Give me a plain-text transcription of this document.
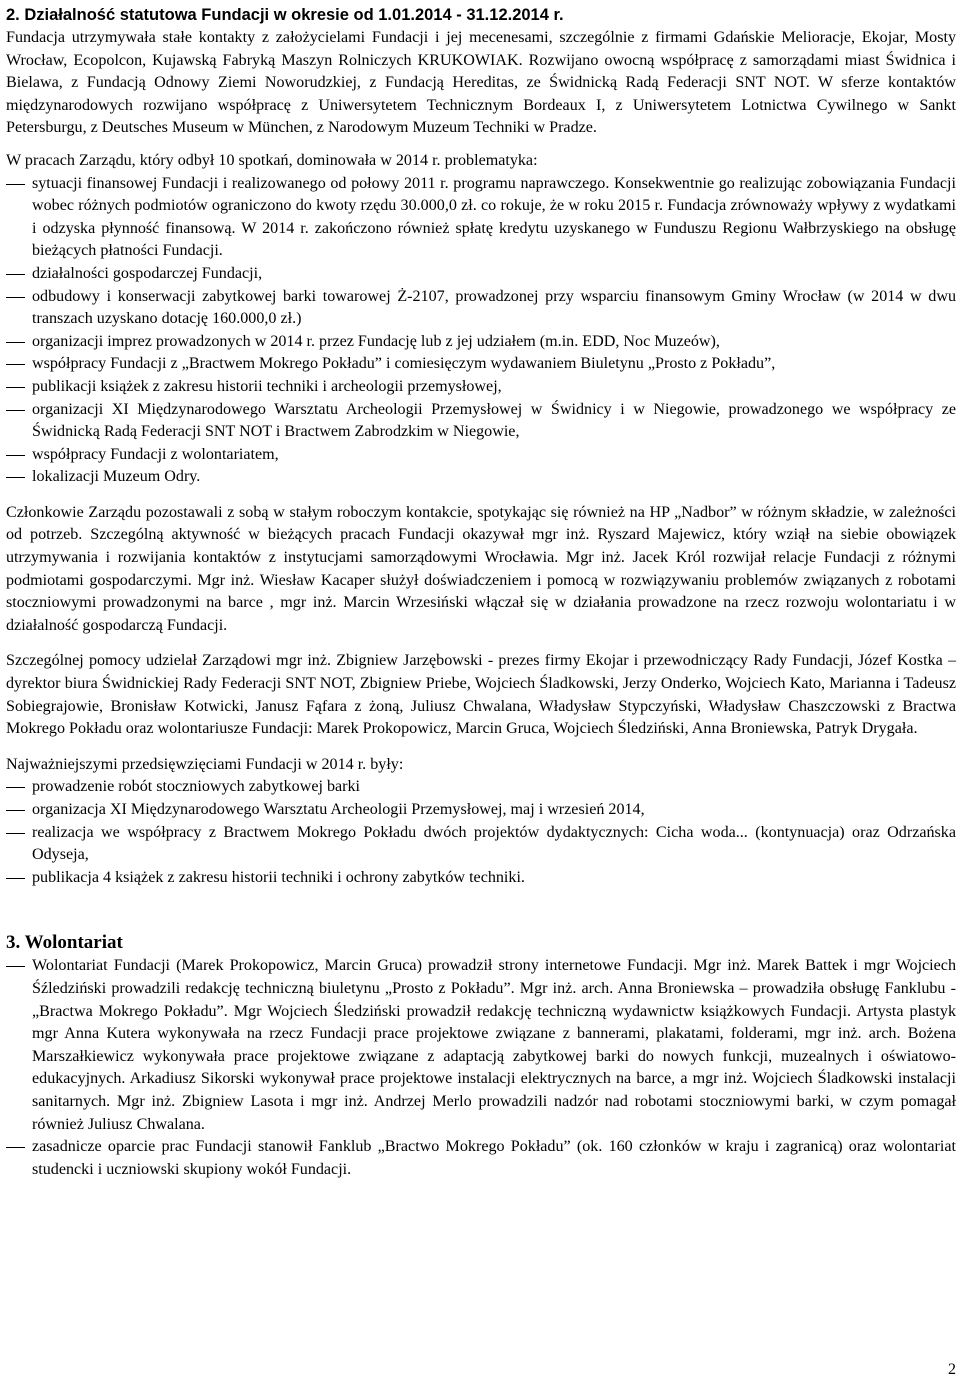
2. Działalność statutowa Fundacji w okresie od 1.01.2014 - 31.12.2014 r.

Fundacja utrzymywała stałe kontakty z założycielami Fundacji i jej mecenesami, szczególnie z firmami Gdańskie Melioracje, Ekojar, Mosty Wrocław, Ecopolcon, Kujawską Fabryką Maszyn Rolniczych KRUKOWIAK. Rozwijano owocną współpracę z samorządami miast Świdnica i Bielawa, z Fundacją Odnowy Ziemi Noworudzkiej, z Fundacją Hereditas, ze Świdnicką Radą Federacji SNT NOT. W sferze kontaktów międzynarodowych rozwijano współpracę z Uniwersytetem Technicznym Bordeaux I, z Uniwersytetem Lotnictwa Cywilnego w Sankt Petersburgu, z Deutsches Museum w München, z Narodowym Muzeum Techniki w Pradze.

W pracach Zarządu, który odbył 10 spotkań, dominowała w 2014 r. problematyka:

sytuacji finansowej Fundacji i realizowanego od połowy 2011 r. programu naprawczego. Konsekwentnie go realizując zobowiązania Fundacji wobec różnych podmiotów ograniczono do kwoty rzędu 30.000,0 zł. co rokuje, że w roku 2015 r. Fundacja zrównoważy wpływy z wydatkami i odzyska płynność finansową. W 2014 r. zakończono również spłatę kredytu uzyskanego w Funduszu Regionu Wałbrzyskiego na obsługę bieżących płatności Fundacji.
działalności gospodarczej Fundacji,
odbudowy i konserwacji zabytkowej barki towarowej Ż-2107, prowadzonej przy wsparciu finansowym Gminy Wrocław (w 2014 w dwu transzach uzyskano dotację 160.000,0 zł.)
organizacji imprez prowadzonych w 2014 r. przez Fundację lub z jej udziałem (m.in. EDD, Noc Muzeów),
współpracy Fundacji z „Bractwem Mokrego Pokładu” i comiesięczym wydawaniem Biuletynu „Prosto z Pokładu”,
publikacji książek z zakresu historii techniki i archeologii przemysłowej,
organizacji XI Międzynarodowego Warsztatu Archeologii Przemysłowej w Świdnicy i w Niegowie, prowadzonego we współpracy ze Świdnicką Radą Federacji SNT NOT i Bractwem Zabrodzkim w Niegowie,
współpracy Fundacji z wolontariatem,
lokalizacji Muzeum Odry.

Członkowie Zarządu pozostawali z sobą w stałym roboczym kontakcie, spotykając się również na HP „Nadbor” w różnym składzie, w zależności od potrzeb. Szczególną aktywność w bieżących pracach Fundacji okazywał mgr inż. Ryszard Majewicz, który wziął na siebie obowiązek utrzymywania i rozwijania kontaktów z instytucjami samorządowymi Wrocławia. Mgr inż. Jacek Król rozwijał relacje Fundacji z różnymi podmiotami gospodarczymi. Mgr inż. Wiesław Kacaper służył doświadczeniem i pomocą w rozwiązywaniu problemów związanych z robotami stoczniowymi prowadzonymi na barce , mgr inż. Marcin Wrzesiński włączał się w działania prowadzone na rzecz rozwoju wolontariatu i w działalność gospodarczą Fundacji.

Szczególnej pomocy udzielał Zarządowi mgr inż. Zbigniew Jarzębowski - prezes firmy Ekojar i przewodniczący Rady Fundacji, Józef Kostka – dyrektor biura Świdnickiej Rady Federacji SNT NOT, Zbigniew Priebe, Wojciech Śladkowski, Jerzy Onderko, Wojciech Kato, Marianna i Tadeusz Sobiegrajowie, Bronisław Kotwicki, Janusz Fąfara z żoną, Juliusz Chwalana, Władysław Stypczyński, Władysław Chaszczowski z Bractwa Mokrego Pokładu oraz wolontariusze Fundacji: Marek Prokopowicz, Marcin Gruca, Wojciech Śledziński, Anna Broniewska, Patryk Drygała.

Najważniejszymi przedsięwzięciami Fundacji w 2014 r. były:

prowadzenie robót stoczniowych zabytkowej barki
organizacja XI Międzynarodowego Warsztatu Archeologii Przemysłowej, maj i wrzesień 2014,
realizacja we współpracy z Bractwem Mokrego Pokładu dwóch projektów dydaktycznych: Cicha woda... (kontynuacja) oraz Odrzańska Odyseja,
publikacja 4 książek z zakresu historii techniki i ochrony zabytków techniki.
3. Wolontariat
Wolontariat Fundacji (Marek Prokopowicz, Marcin Gruca) prowadził strony internetowe Fundacji. Mgr inż. Marek Battek i mgr Wojciech Śźledziński prowadzili redakcję techniczną biuletynu „Prosto z Pokładu”. Mgr inż. arch. Anna Broniewska – prowadziła obsługę Fanklubu - „Bractwa Mokrego Pokładu”. Mgr Wojciech Śledziński prowadził redakcję techniczną wydawnictw książkowych Fundacji. Artysta plastyk mgr Anna Kutera wykonywała na rzecz Fundacji prace projektowe związane z bannerami, plakatami, folderami, mgr inż. arch. Bożena Marszałkiewicz wykonywała prace projektowe związane z adaptacją zabytkowej barki do nowych funkcji, muzealnych i oświatowo-edukacyjnych. Arkadiusz Sikorski wykonywał prace projektowe instalacji elektrycznych na barce, a mgr inż. Wojciech Śladkowski instalacji sanitarnych. Mgr inż. Zbigniew Lasota i mgr inż. Andrzej Merlo prowadzili nadzór nad robotami stoczniowymi barki, w czym pomagał również Juliusz Chwalana.
zasadnicze oparcie prac Fundacji stanowił Fanklub „Bractwo Mokrego Pokładu” (ok. 160 członków w kraju i zagranicą) oraz wolontariat studencki i uczniowski skupiony wokół Fundacji.
2
